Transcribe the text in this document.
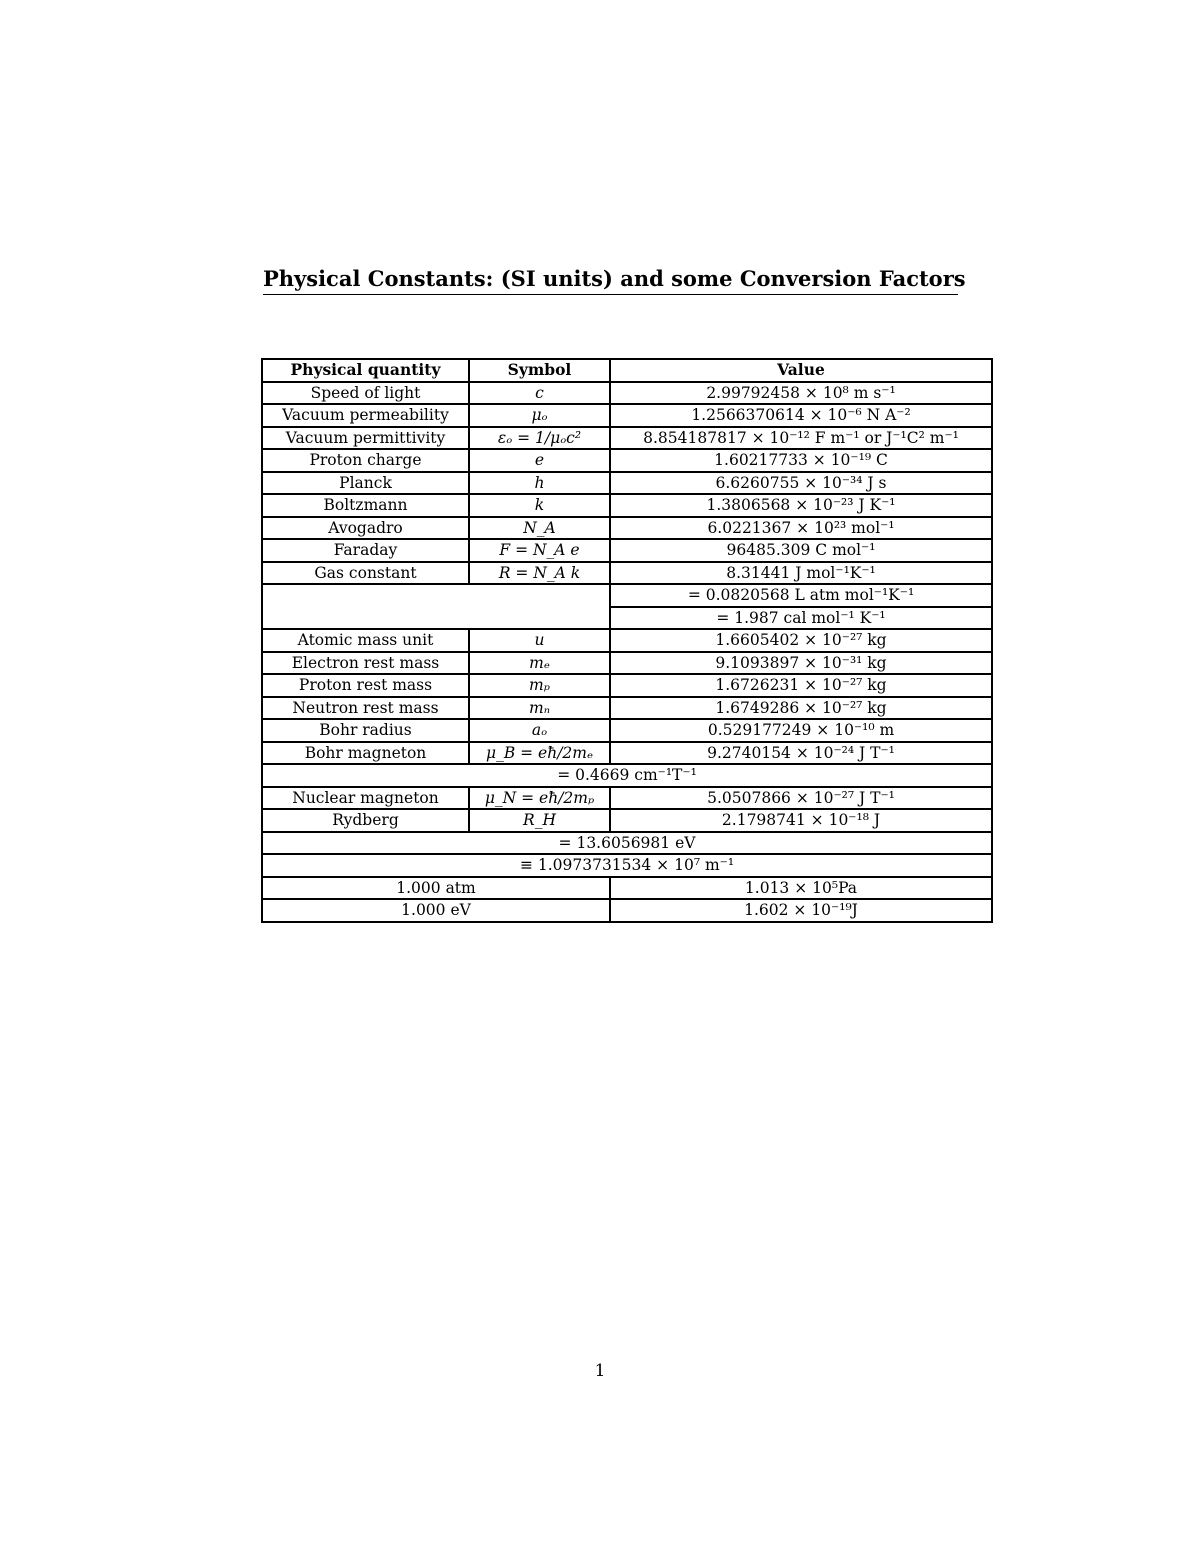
Physical Constants: (SI units) and some Conversion Factors
Physical quantity	Symbol	Value
Speed of light	c	2.99792458 × 10⁸ m s⁻¹
Vacuum permeability	μₒ	1.2566370614 × 10⁻⁶ N A⁻²
Vacuum permittivity	εₒ = 1/μₒc²	8.854187817 × 10⁻¹² F m⁻¹ or J⁻¹C² m⁻¹
Proton charge	e	1.60217733 × 10⁻¹⁹ C
Planck	h	6.6260755 × 10⁻³⁴ J s
Boltzmann	k	1.3806568 × 10⁻²³ J K⁻¹
Avogadro	N_A	6.0221367 × 10²³ mol⁻¹
Faraday	F = N_A e	96485.309 C mol⁻¹
Gas constant	R = N_A k	8.31441 J mol⁻¹K⁻¹
		= 0.0820568 L atm mol⁻¹K⁻¹
		= 1.987 cal mol⁻¹ K⁻¹
Atomic mass unit	u	1.6605402 × 10⁻²⁷ kg
Electron rest mass	mₑ	9.1093897 × 10⁻³¹ kg
Proton rest mass	mₚ	1.6726231 × 10⁻²⁷ kg
Neutron rest mass	mₙ	1.6749286 × 10⁻²⁷ kg
Bohr radius	aₒ	0.529177249 × 10⁻¹⁰ m
Bohr magneton	μ_B = eħ/2mₑ	9.2740154 × 10⁻²⁴ J T⁻¹
= 0.4669 cm⁻¹T⁻¹		
Nuclear magneton	μ_N = eħ/2mₚ	5.0507866 × 10⁻²⁷ J T⁻¹
Rydberg	R_H	2.1798741 × 10⁻¹⁸ J
= 13.6056981 eV		
≡ 1.0973731534 × 10⁷ m⁻¹		
1.000 atm		1.013 × 10⁵Pa
1.000 eV		1.602 × 10⁻¹⁹J
1
